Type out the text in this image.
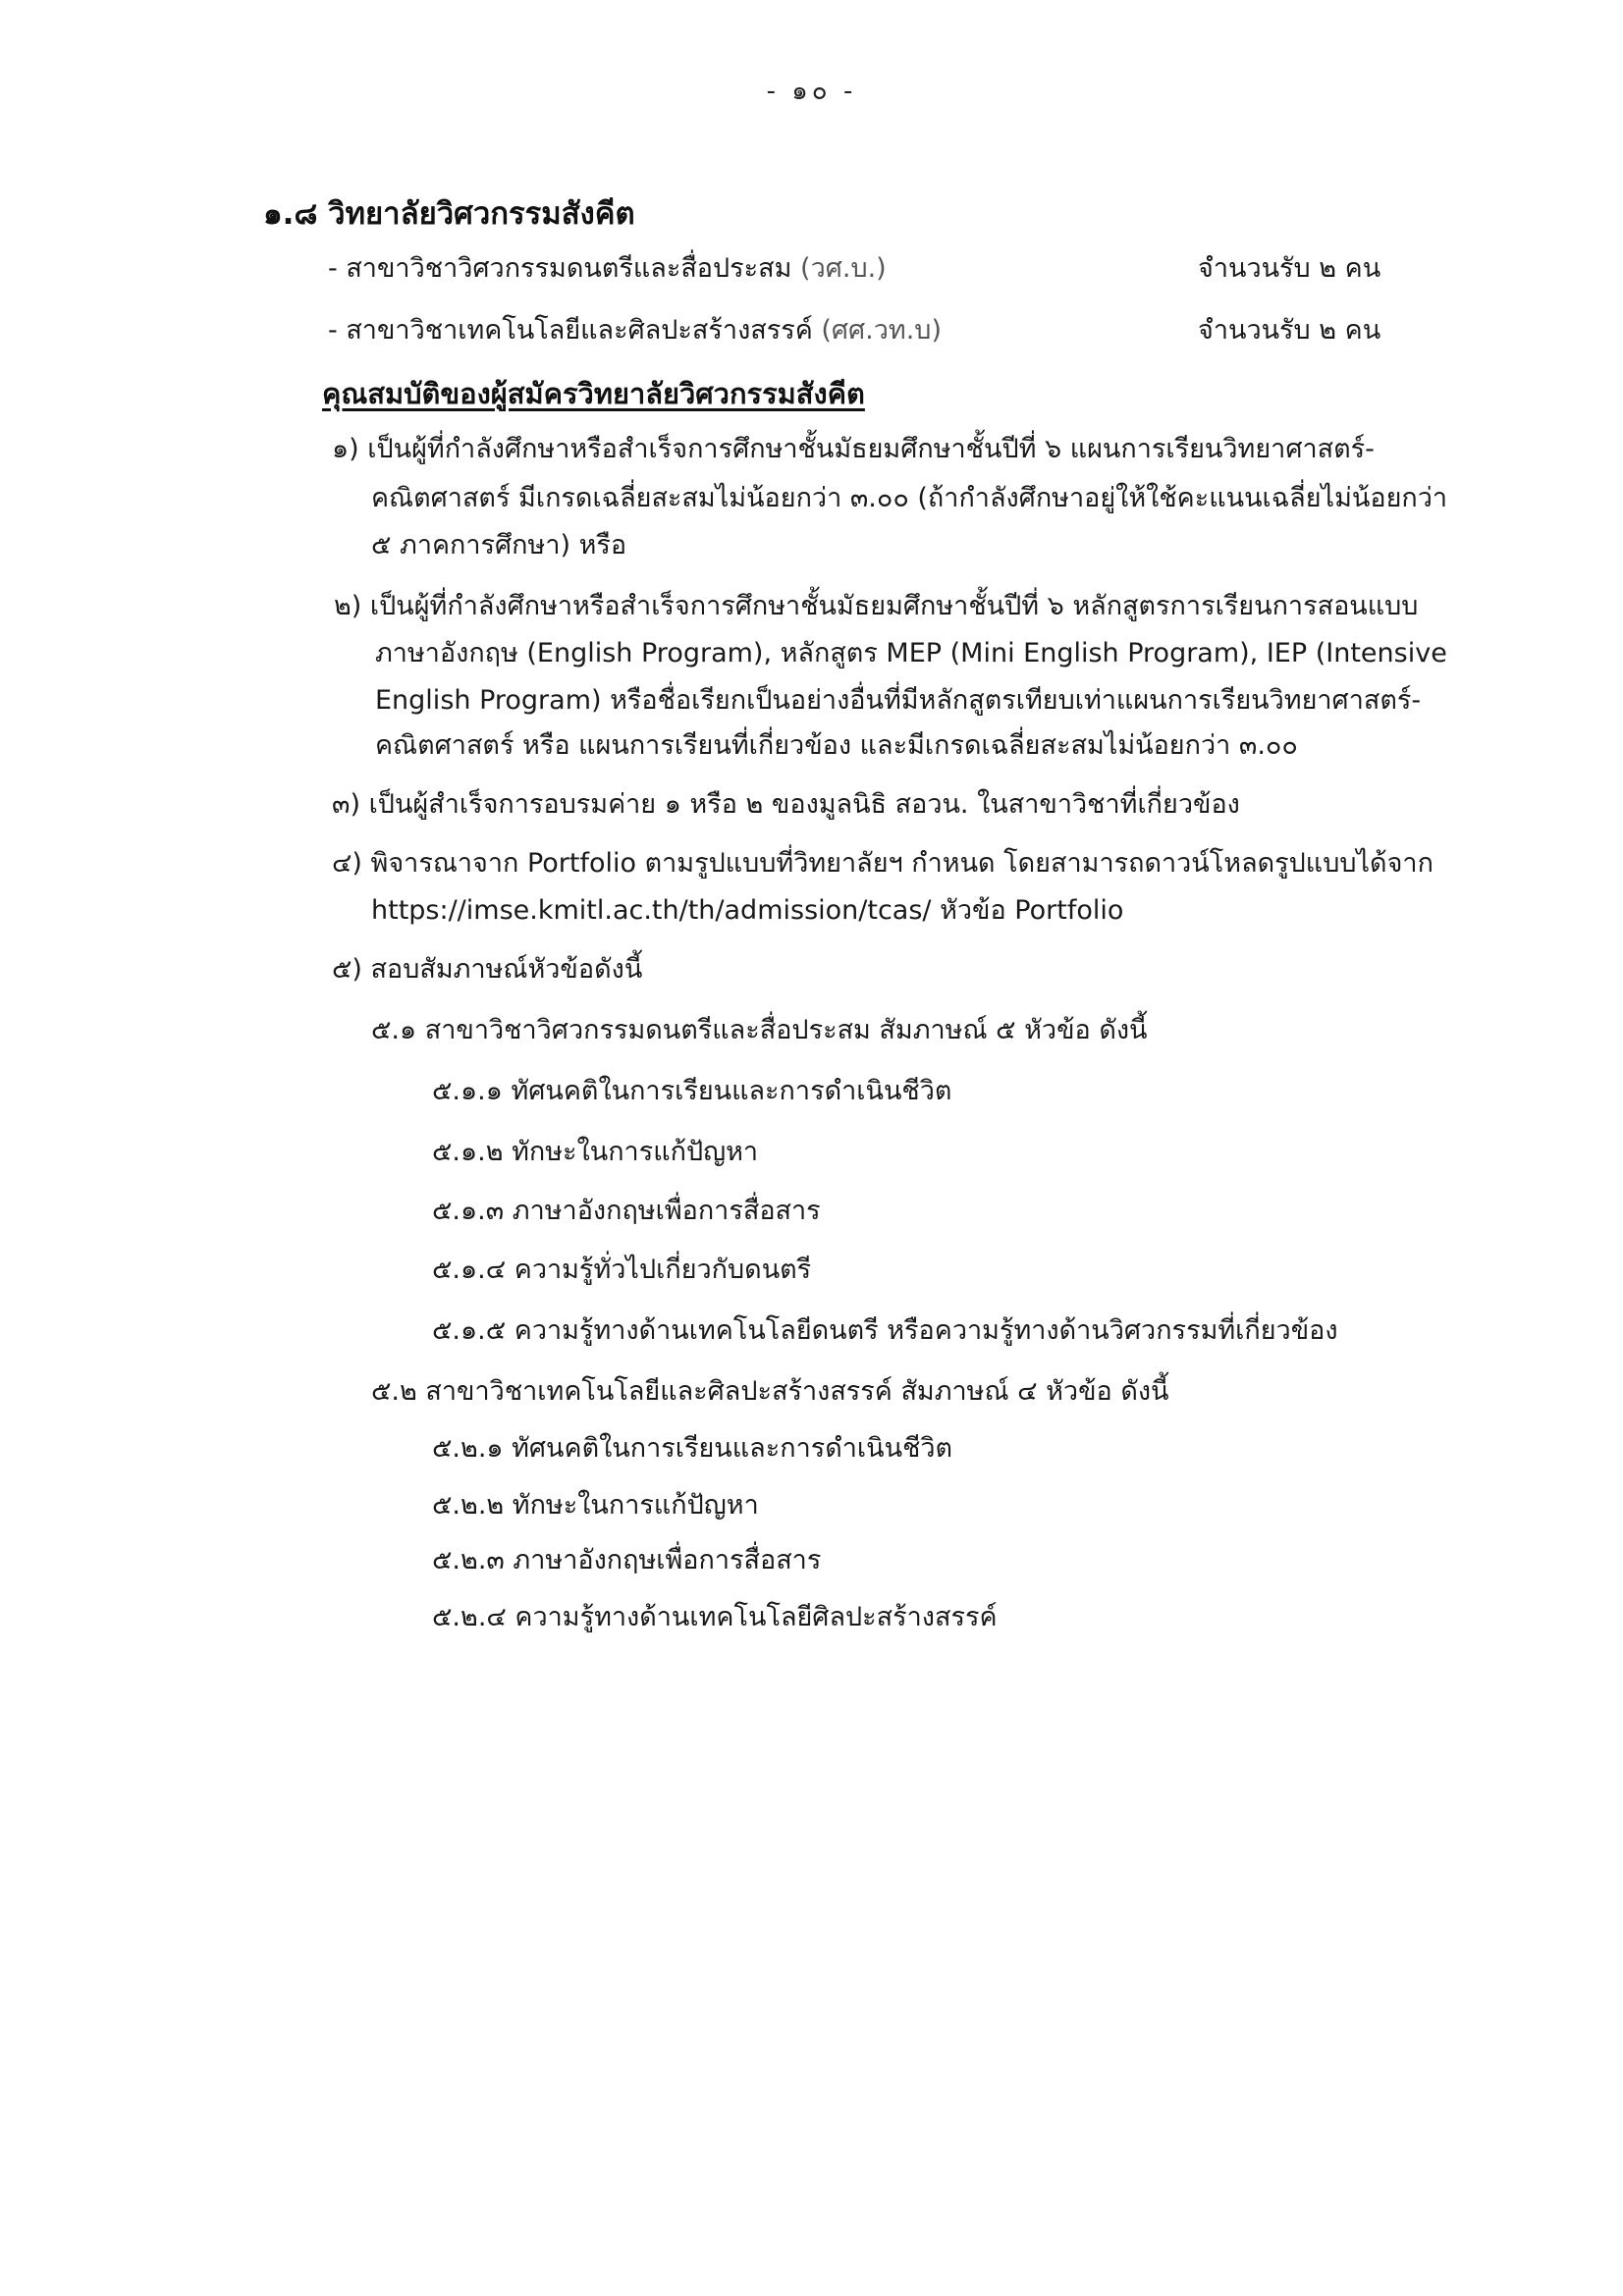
- ๑๐ -
๑.๘ วิทยาลัยวิศวกรรมสังคีต
- สาขาวิชาวิศวกรรมดนตรีและสื่อประสม (วศ.บ.)	จำนวนรับ ๒ คน
- สาขาวิชาเทคโนโลยีและศิลปะสร้างสรรค์ (ศศ.วท.บ)	จำนวนรับ ๒ คน
คุณสมบัติของผู้สมัครวิทยาลัยวิศวกรรมสังคีต
๑) เป็นผู้ที่กำลังศึกษาหรือสำเร็จการศึกษาชั้นมัธยมศึกษาชั้นปีที่ ๖ แผนการเรียนวิทยาศาสตร์-
คณิตศาสตร์ มีเกรดเฉลี่ยสะสมไม่น้อยกว่า ๓.๐๐ (ถ้ากำลังศึกษาอยู่ให้ใช้คะแนนเฉลี่ยไม่น้อยกว่า
๕ ภาคการศึกษา) หรือ
๒) เป็นผู้ที่กำลังศึกษาหรือสำเร็จการศึกษาชั้นมัธยมศึกษาชั้นปีที่ ๖ หลักสูตรการเรียนการสอนแบบ
ภาษาอังกฤษ (English Program), หลักสูตร MEP (Mini English Program), IEP (Intensive
English Program) หรือชื่อเรียกเป็นอย่างอื่นที่มีหลักสูตรเทียบเท่าแผนการเรียนวิทยาศาสตร์-
คณิตศาสตร์ หรือ แผนการเรียนที่เกี่ยวข้อง และมีเกรดเฉลี่ยสะสมไม่น้อยกว่า ๓.๐๐
๓) เป็นผู้สำเร็จการอบรมค่าย ๑ หรือ ๒ ของมูลนิธิ สอวน. ในสาขาวิชาที่เกี่ยวข้อง
๔) พิจารณาจาก Portfolio ตามรูปแบบที่วิทยาลัยฯ กำหนด โดยสามารถดาวน์โหลดรูปแบบได้จาก
https://imse.kmitl.ac.th/th/admission/tcas/ หัวข้อ Portfolio
๕) สอบสัมภาษณ์หัวข้อดังนี้
๕.๑ สาขาวิชาวิศวกรรมดนตรีและสื่อประสม สัมภาษณ์ ๕ หัวข้อ ดังนี้
๕.๑.๑ ทัศนคติในการเรียนและการดำเนินชีวิต
๕.๑.๒ ทักษะในการแก้ปัญหา
๕.๑.๓ ภาษาอังกฤษเพื่อการสื่อสาร
๕.๑.๔ ความรู้ทั่วไปเกี่ยวกับดนตรี
๕.๑.๕ ความรู้ทางด้านเทคโนโลยีดนตรี หรือความรู้ทางด้านวิศวกรรมที่เกี่ยวข้อง
๕.๒ สาขาวิชาเทคโนโลยีและศิลปะสร้างสรรค์ สัมภาษณ์ ๔ หัวข้อ ดังนี้
๕.๒.๑ ทัศนคติในการเรียนและการดำเนินชีวิต
๕.๒.๒ ทักษะในการแก้ปัญหา
๕.๒.๓ ภาษาอังกฤษเพื่อการสื่อสาร
๕.๒.๔ ความรู้ทางด้านเทคโนโลยีศิลปะสร้างสรรค์
